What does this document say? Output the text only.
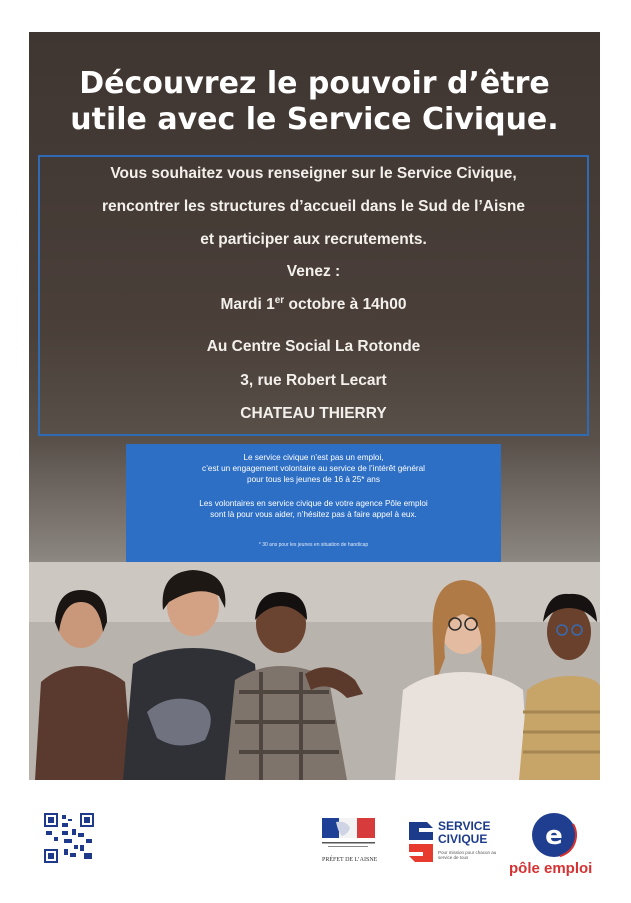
Découvrez le pouvoir d’être
utile avec le Service Civique.
Vous souhaitez vous renseigner sur le Service Civique,
rencontrer les structures d’accueil dans le Sud de l’Aisne
et participer aux recrutements.
Venez :
Mardi 1er octobre à 14h00
Au Centre Social La Rotonde
3, rue Robert Lecart
CHATEAU THIERRY
Le service civique n’est pas un emploi,
c’est un engagement volontaire au service de l’intérêt général
pour tous les jeunes de 16 à 25* ans
Les volontaires en service civique de votre agence Pôle emploi
sont là pour vous aider, n’hésitez pas à faire appel à eux.
* 30 ans pour les jeunes en situation de handicap
PRÉFET DE L’AISNE
SERVICE
CIVIQUE
Pour mission pour chacun au service de tous
e
pôle emploi
